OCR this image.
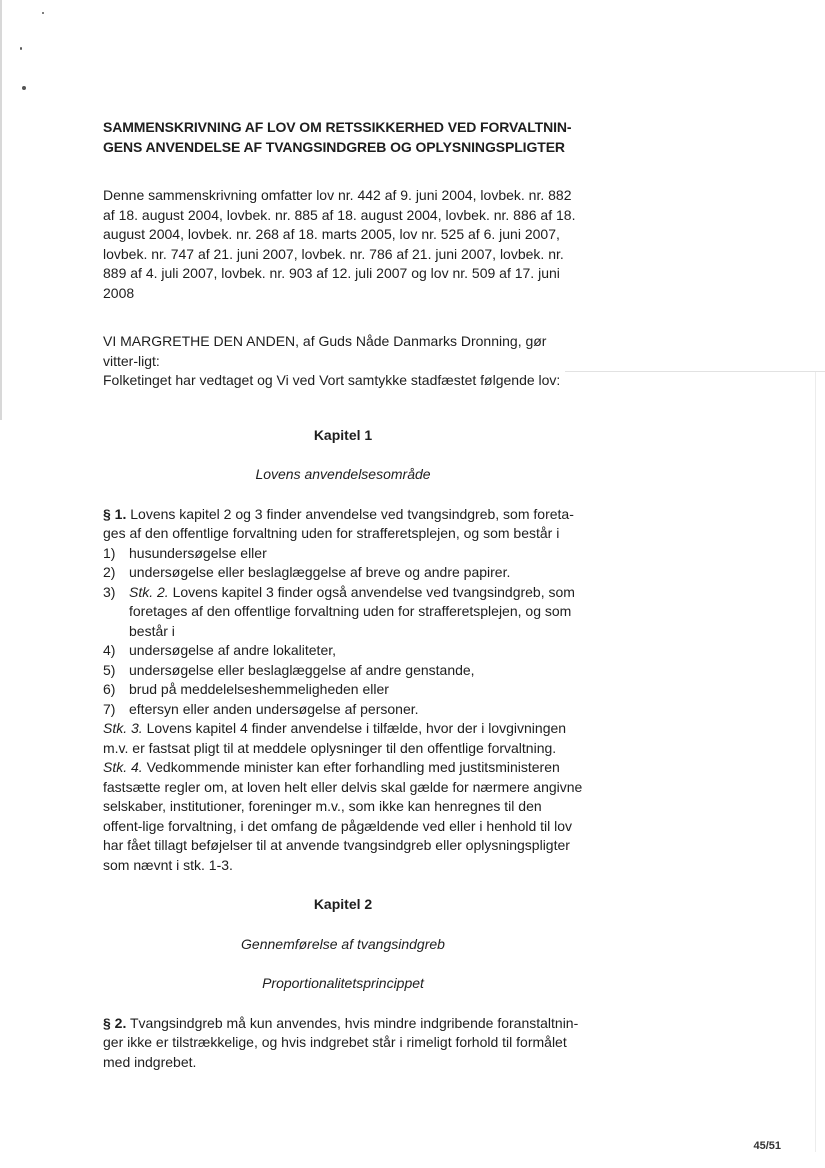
SAMMENSKRIVNING AF LOV OM RETSSIKKERHED VED FORVALTNIN-
GENS ANVENDELSE AF TVANGSINDGREB OG OPLYSNINGSPLIGTER

Denne sammenskrivning omfatter lov nr. 442 af 9. juni 2004, lovbek. nr. 882 af 18. august 2004, lovbek. nr. 885 af 18. august 2004, lovbek. nr. 886 af 18. august 2004, lovbek. nr. 268 af 18. marts 2005, lov nr. 525 af 6. juni 2007, lovbek. nr. 747 af 21. juni 2007, lovbek. nr. 786 af 21. juni 2007, lovbek. nr. 889 af 4. juli 2007, lovbek. nr. 903 af 12. juli 2007 og lov nr. 509 af 17. juni 2008

VI MARGRETHE DEN ANDEN, af Guds Nåde Danmarks Dronning, gør vitter-ligt:

Folketinget har vedtaget og Vi ved Vort samtykke stadfæstet følgende lov:

Kapitel 1

Lovens anvendelsesområde

§ 1. Lovens kapitel 2 og 3 finder anvendelse ved tvangsindgreb, som foreta-ges af den offentlige forvaltning uden for strafferetsplejen, og som består i

1) husundersøgelse eller
2) undersøgelse eller beslaglæggelse af breve og andre papirer.
3) Stk. 2. Lovens kapitel 3 finder også anvendelse ved tvangsindgreb, som foretages af den offentlige forvaltning uden for strafferetsplejen, og som består i
4) undersøgelse af andre lokaliteter,
5) undersøgelse eller beslaglæggelse af andre genstande,
6) brud på meddelelseshemmeligheden eller
7) eftersyn eller anden undersøgelse af personer.

Stk. 3. Lovens kapitel 4 finder anvendelse i tilfælde, hvor der i lovgivningen m.v. er fastsat pligt til at meddele oplysninger til den offentlige forvaltning.

Stk. 4. Vedkommende minister kan efter forhandling med justitsministeren fastsætte regler om, at loven helt eller delvis skal gælde for nærmere angivne selskaber, institutioner, foreninger m.v., som ikke kan henregnes til den offent-lige forvaltning, i det omfang de pågældende ved eller i henhold til lov har fået tillagt beføjelser til at anvende tvangsindgreb eller oplysningspligter som nævnt i stk. 1-3.

Kapitel 2

Gennemførelse af tvangsindgreb

Proportionalitetsprincippet

§ 2. Tvangsindgreb må kun anvendes, hvis mindre indgribende foranstaltnin-ger ikke er tilstrækkelige, og hvis indgrebet står i rimeligt forhold til formålet med indgrebet.

45/51
